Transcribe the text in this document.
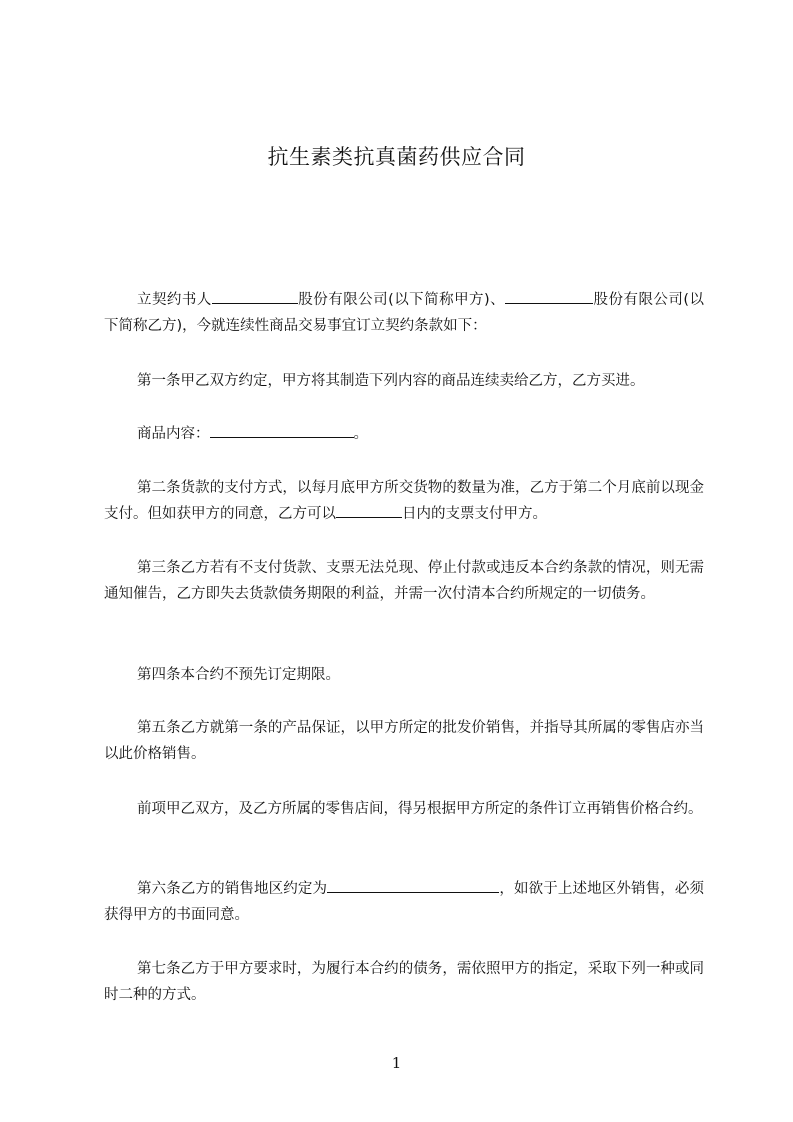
抗生素类抗真菌药供应合同

立契约书人	股份有限公司(以下简称甲方)、	股份有限公司(以下简称乙方)，今就连续性商品交易事宜订立契约条款如下：

第一条甲乙双方约定，甲方将其制造下列内容的商品连续卖给乙方，乙方买进。

商品内容：	。

第二条货款的支付方式，以每月底甲方所交货物的数量为准，乙方于第二个月底前以现金支付。但如获甲方的同意，乙方可以	日内的支票支付甲方。

第三条乙方若有不支付货款、支票无法兑现、停止付款或违反本合约条款的情况，则无需通知催告，乙方即失去货款债务期限的利益，并需一次付清本合约所规定的一切债务。

第四条本合约不预先订定期限。

第五条乙方就第一条的产品保证，以甲方所定的批发价销售，并指导其所属的零售店亦当以此价格销售。

前项甲乙双方，及乙方所属的零售店间，得另根据甲方所定的条件订立再销售价格合约。

第六条乙方的销售地区约定为	，如欲于上述地区外销售，必须获得甲方的书面同意。

第七条乙方于甲方要求时，为履行本合约的债务，需依照甲方的指定，采取下列一种或同时二种的方式。

1
